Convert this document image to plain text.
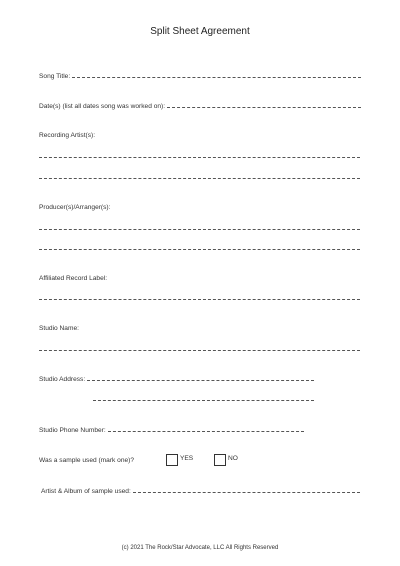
Split Sheet Agreement
Song Title:
Date(s) (list all dates song was worked on):
Recording Artist(s):
Producer(s)/Arranger(s):
Affiliated Record Label:
Studio Name:
Studio Address:
Studio Phone Number:
Was a sample used (mark one)?	YES	NO
Artist & Album of sample used:
(c) 2021 The Rock/Star Advocate, LLC All Rights Reserved
